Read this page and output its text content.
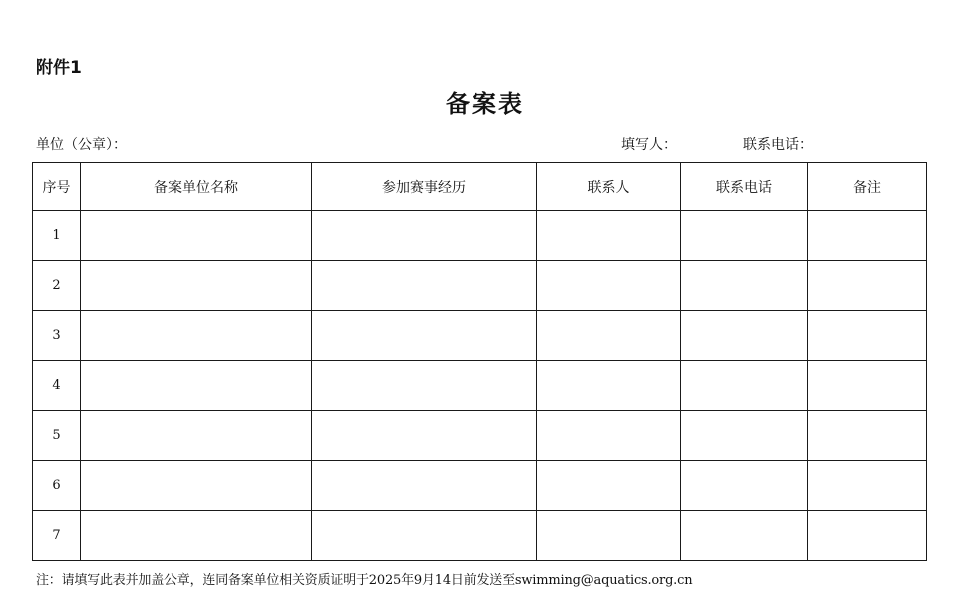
附件1
备案表
单位（公章）：	填写人：	联系电话：
序号	备案单位名称	参加赛事经历	联系人	联系电话	备注
1					
2					
3					
4					
5					
6					
7					
注：请填写此表并加盖公章，连同备案单位相关资质证明于2025年9月14日前发送至swimming@aquatics.org.cn
